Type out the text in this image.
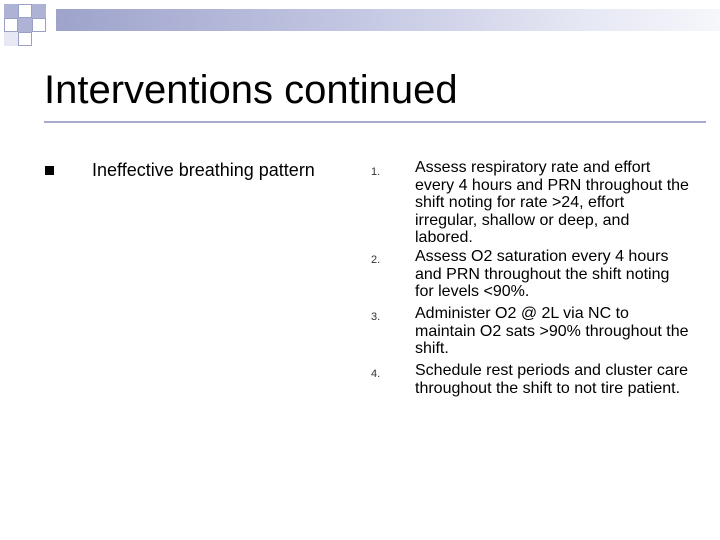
Interventions continued
Ineffective breathing pattern	1. Assess respiratory rate and effort every 4 hours and PRN throughout the shift noting for rate >24, effort irregular, shallow or deep, and labored.
2. Assess O2 saturation every 4 hours and PRN throughout the shift noting for levels <90%.
3. Administer O2 @ 2L via NC to maintain O2 sats >90% throughout the shift.
4. Schedule rest periods and cluster care throughout the shift to not tire patient.
